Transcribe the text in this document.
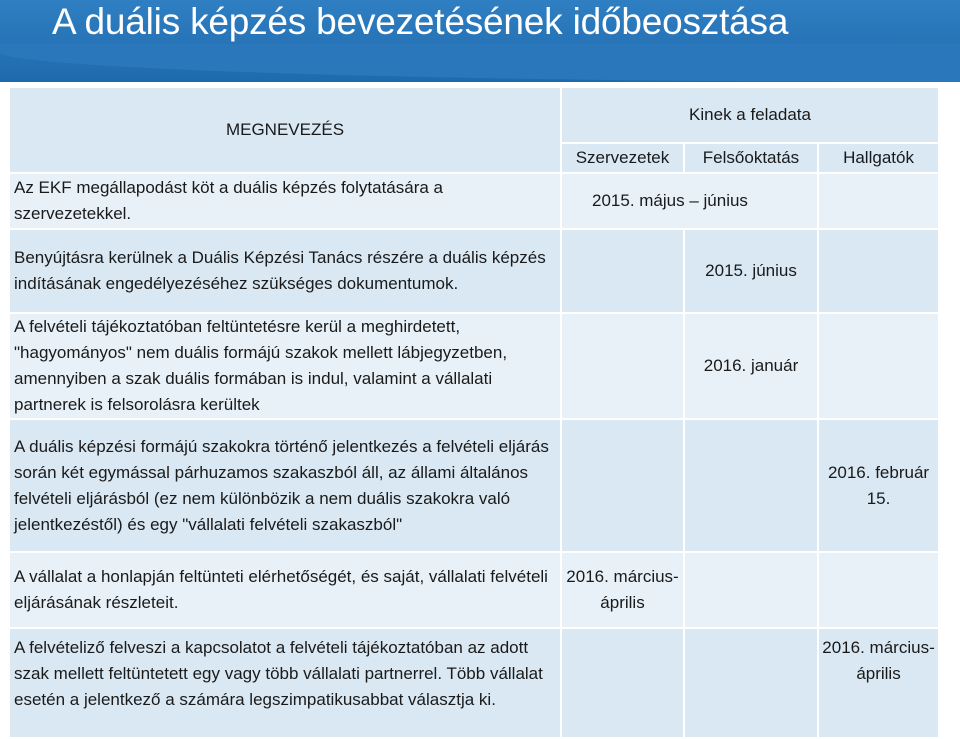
A duális képzés bevezetésének időbeosztása
MEGNEVEZÉS	Kinek a feladata		
	Szervezetek	Felsőoktatás	Hallgatók
Az EKF megállapodást köt a duális képzés folytatására a szervezetekkel.	2015. május – június		
Benyújtásra kerülnek a Duális Képzési Tanács részére a duális képzés indításának engedélyezéséhez szükséges dokumentumok.		2015. június	
A felvételi tájékoztatóban feltüntetésre kerül a meghirdetett, "hagyományos" nem duális formájú szakok mellett lábjegyzetben, amennyiben a szak duális formában is indul, valamint a vállalati partnerek is felsorolásra kerültek		2016. január	
A duális képzési formájú szakokra történő jelentkezés a felvételi eljárás során két egymással párhuzamos szakaszból áll, az állami általános felvételi eljárásból (ez nem különbözik a nem duális szakokra való jelentkezéstől) és egy "vállalati felvételi szakaszból"			2016. február 15.
A vállalat a honlapján feltünteti elérhetőségét, és saját, vállalati felvételi eljárásának részleteit.	2016. március-április		
A felvételiző felveszi a kapcsolatot a felvételi tájékoztatóban az adott szak mellett feltüntetett egy vagy több vállalati partnerrel. Több vállalat esetén a jelentkező a számára legszimpatikusabbat választja ki.			2016. március-április
